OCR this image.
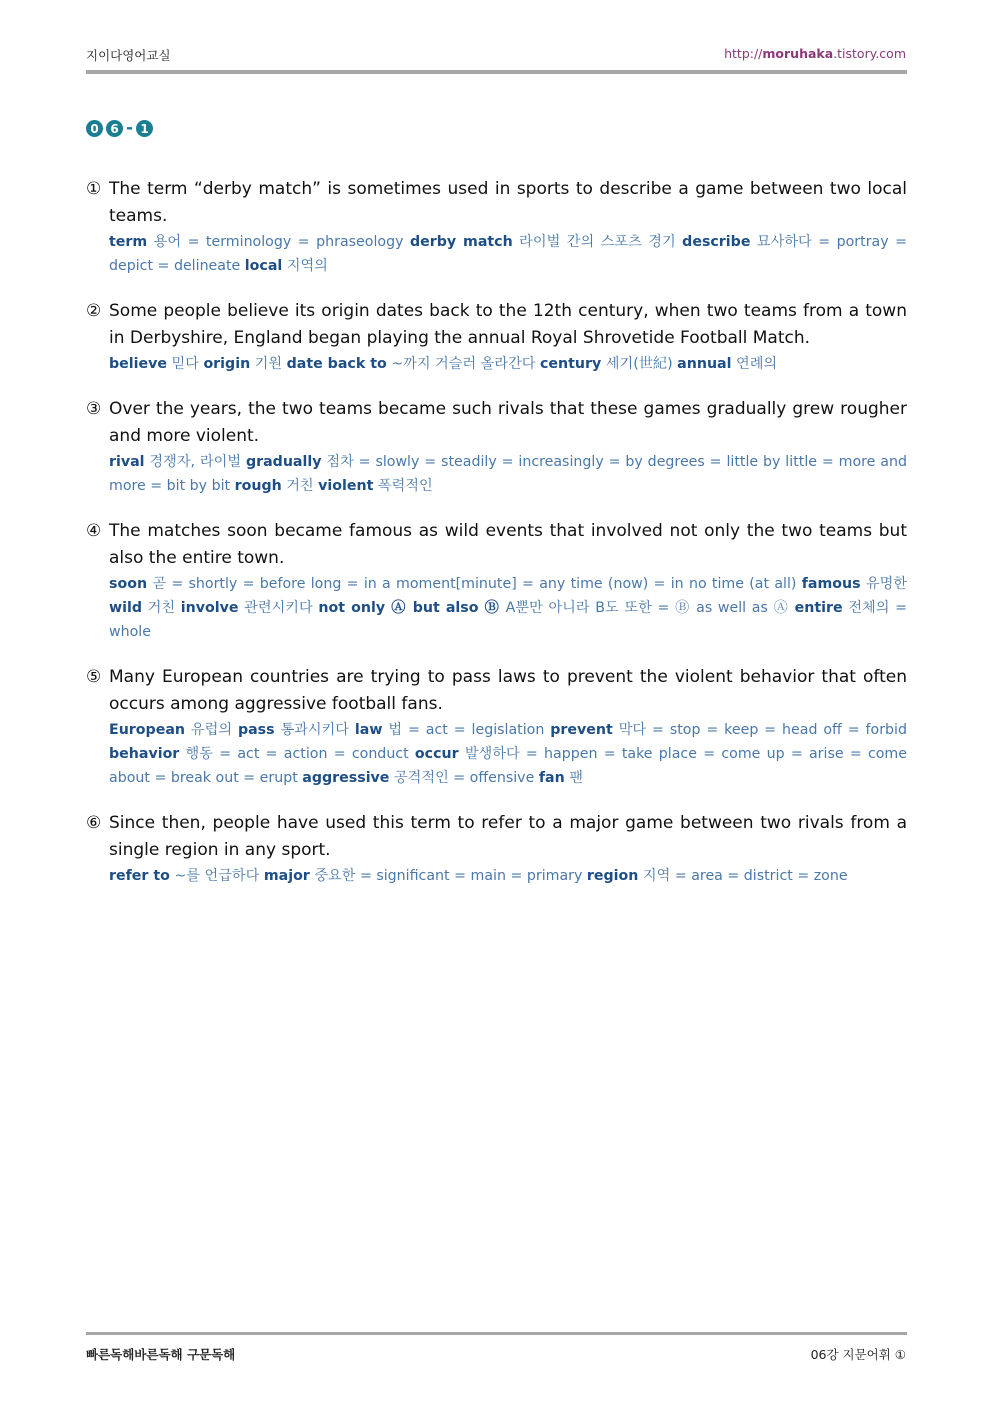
지이다영어교실	http://moruhaka.tistory.com
0 6 - 1
① The term “derby match” is sometimes used in sports to describe a game between two local teams.
term 용어 = terminology = phraseology derby match 라이벌 간의 스포츠 경기 describe 묘사하다 = portray = depict = delineate local 지역의
② Some people believe its origin dates back to the 12th century, when two teams from a town in Derbyshire, England began playing the annual Royal Shrovetide Football Match.
believe 믿다 origin 기원 date back to ~까지 거슬러 올라간다 century 세기(世紀) annual 연례의
③ Over the years, the two teams became such rivals that these games gradually grew rougher and more violent.
rival 경쟁자, 라이벌 gradually 점차 = slowly = steadily = increasingly = by degrees = little by little = more and more = bit by bit rough 거친 violent 폭력적인
④ The matches soon became famous as wild events that involved not only the two teams but also the entire town.
soon 곧 = shortly = before long = in a moment[minute] = any time (now) = in no time (at all) famous 유명한 wild 거친 involve 관련시키다 not only Ⓐ but also Ⓑ A뿐만 아니라 B도 또한 = Ⓑ as well as Ⓐ entire 전체의 = whole
⑤ Many European countries are trying to pass laws to prevent the violent behavior that often occurs among aggressive football fans.
European 유럽의 pass 통과시키다 law 법 = act = legislation prevent 막다 = stop = keep = head off = forbid behavior 행동 = act = action = conduct occur 발생하다 = happen = take place = come up = arise = come about = break out = erupt aggressive 공격적인 = offensive fan 팬
⑥ Since then, people have used this term to refer to a major game between two rivals from a single region in any sport.
refer to ~를 언급하다 major 중요한 = significant = main = primary region 지역 = area = district = zone
빠른독해바른독해 구문독해	06강 지문어휘 ①
